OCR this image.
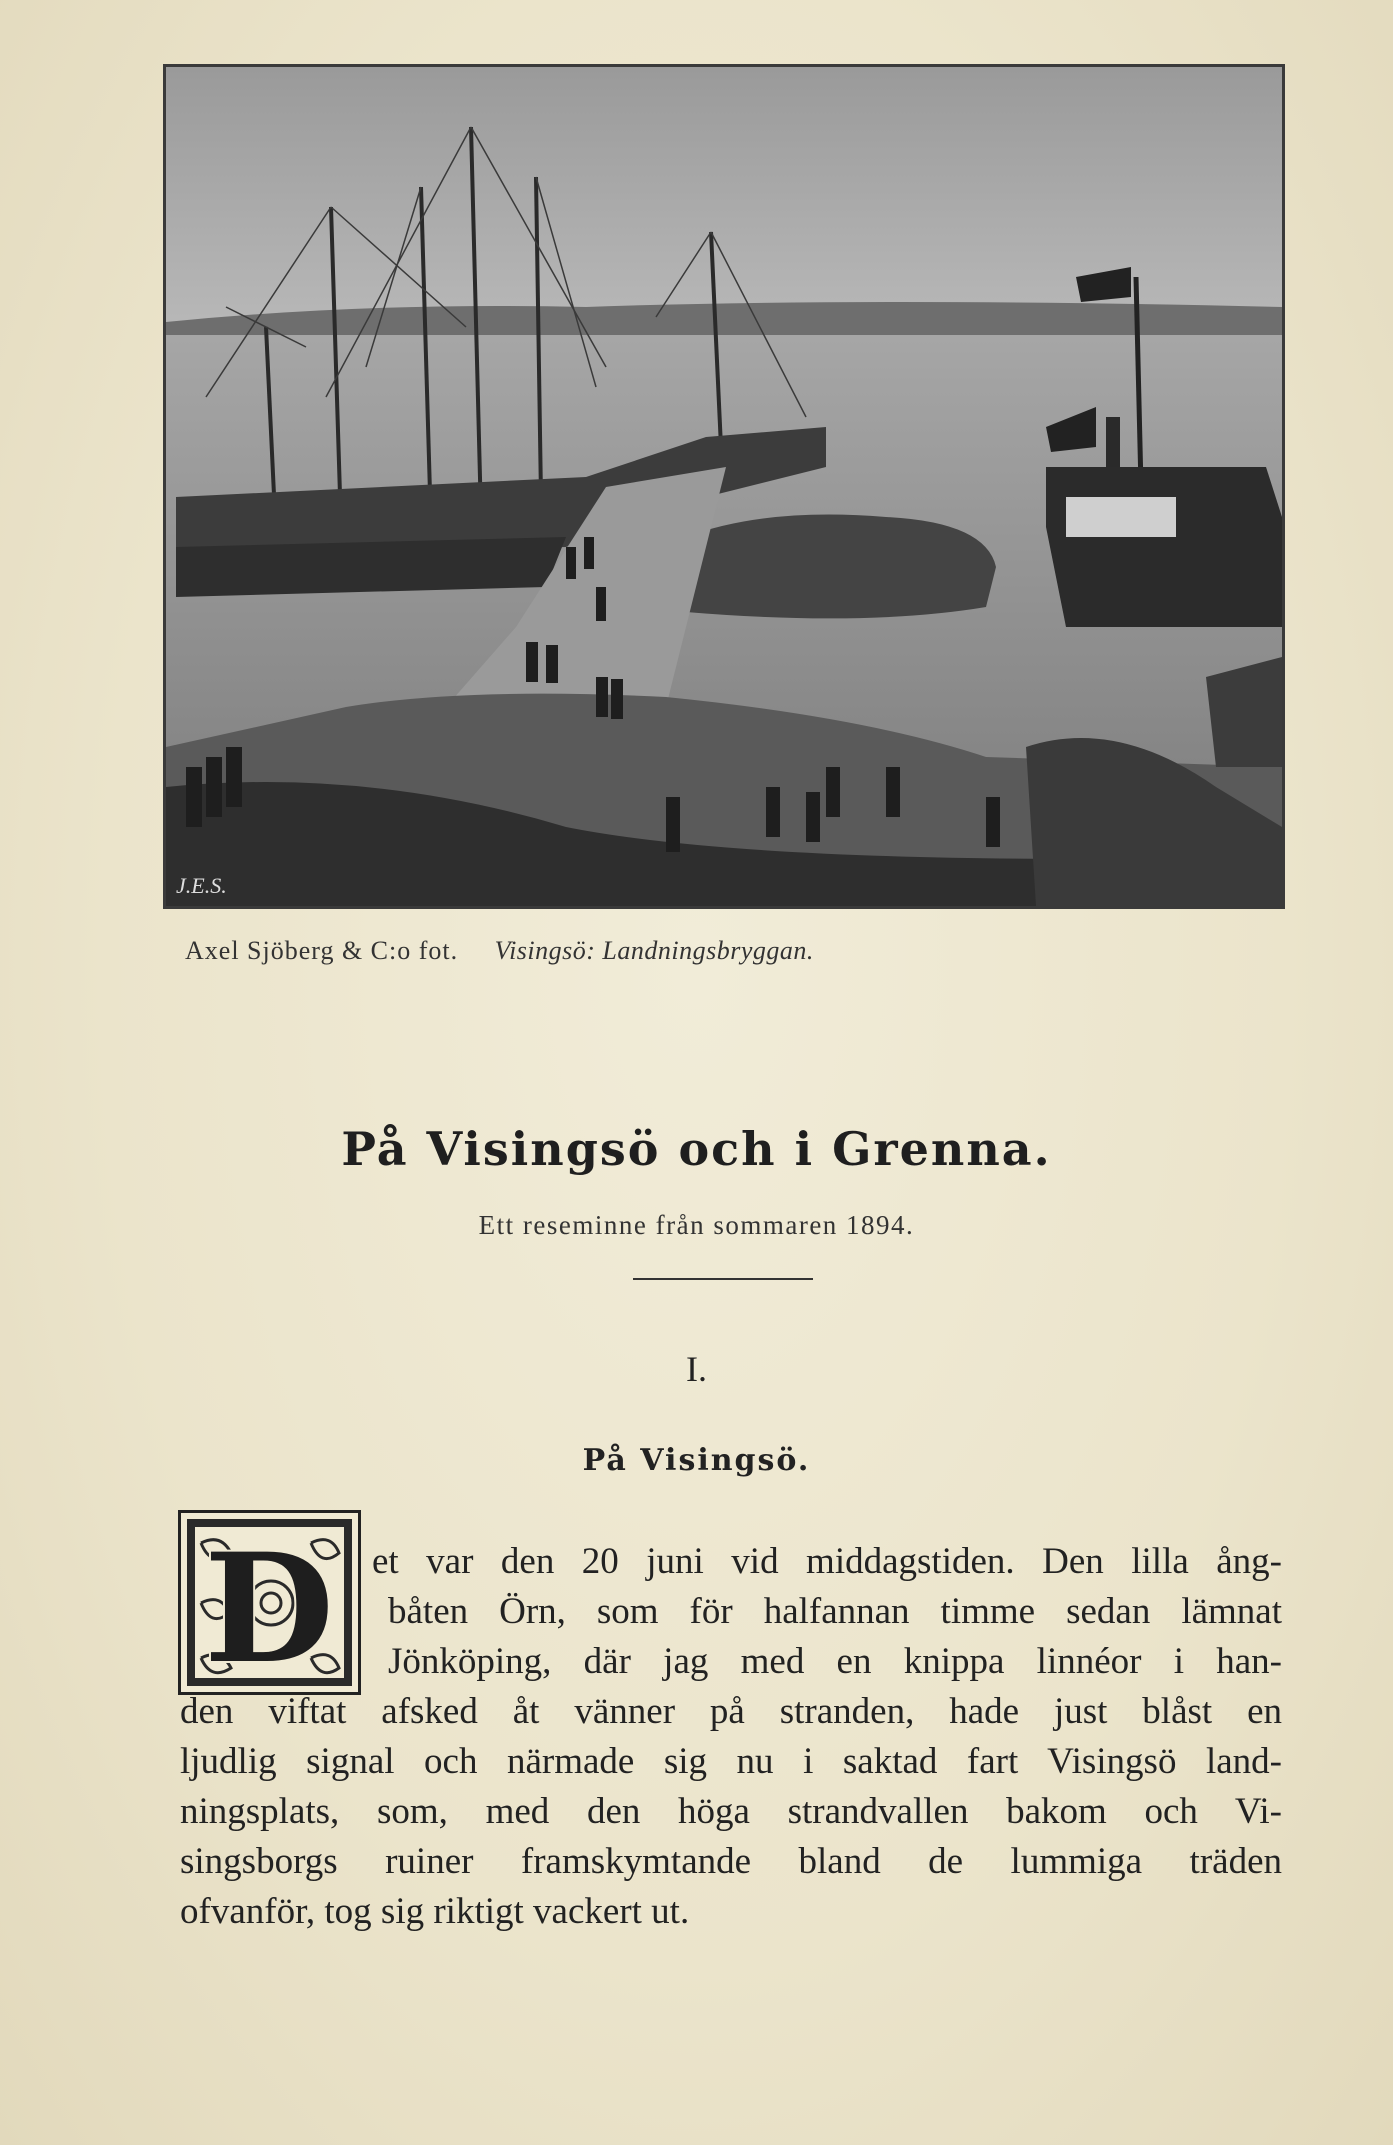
J.E.S.
Axel Sjöberg & C:o fot. Visingsö: Landningsbryggan.
På Visingsö och i Grenna.
Ett reseminne från sommaren 1894.
I.
På Visingsö.
D et var den 20 juni vid middagstiden. Den lilla ång-
båten Örn, som för halfannan timme sedan lämnat
Jönköping, där jag med en knippa linnéor i han-
den viftat afsked åt vänner på stranden, hade just blåst en
ljudlig signal och närmade sig nu i saktad fart Visingsö land-
ningsplats, som, med den höga strandvallen bakom och Vi-
singsborgs ruiner framskymtande bland de lummiga träden
ofvanför, tog sig riktigt vackert ut.
